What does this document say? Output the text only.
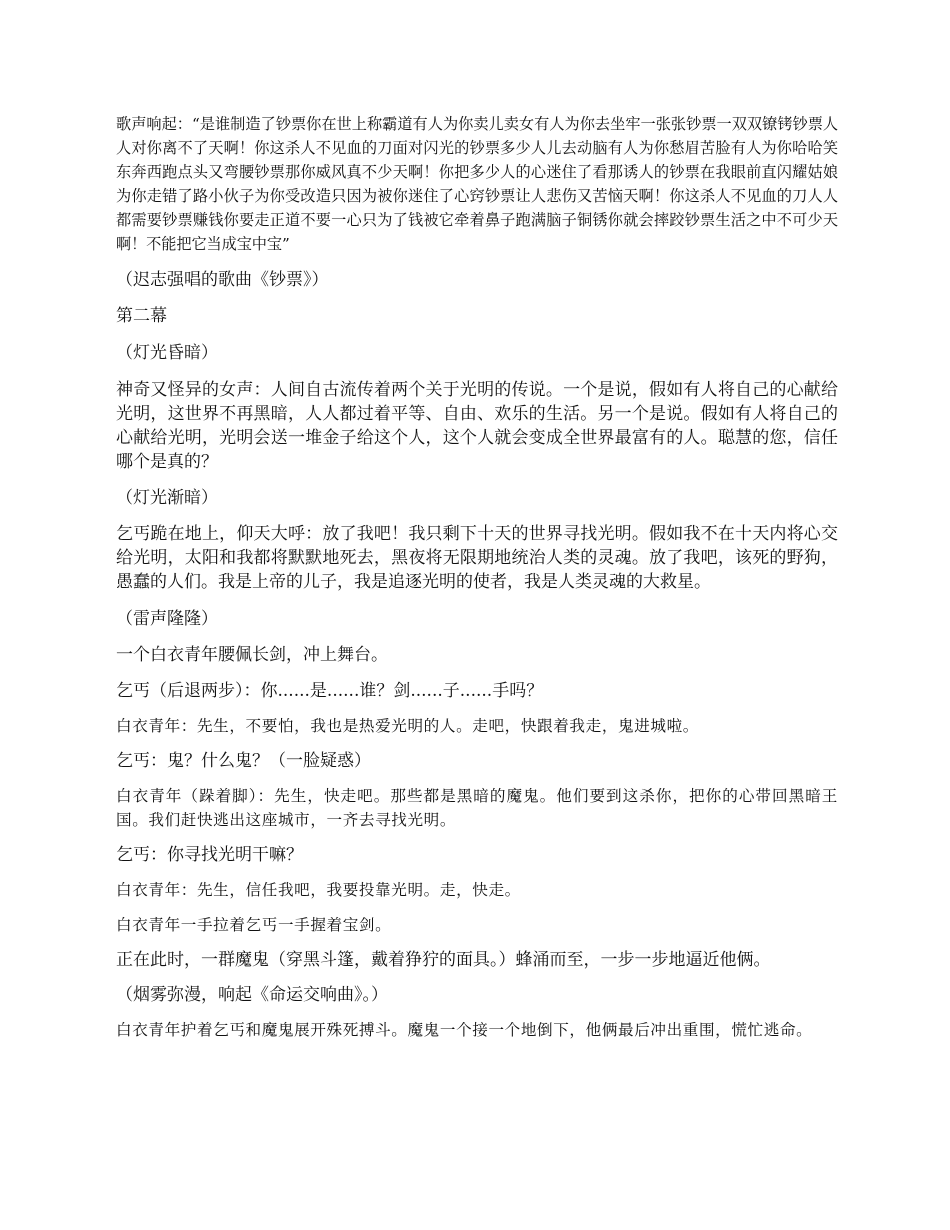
歌声响起：“是谁制造了钞票你在世上称霸道有人为你卖儿卖女有人为你去坐牢一张张钞票一双双镣铐钞票人人对你离不了天啊！你这杀人不见血的刀面对闪光的钞票多少人儿去动脑有人为你愁眉苦脸有人为你哈哈笑东奔西跑点头又弯腰钞票那你威风真不少天啊！你把多少人的心迷住了看那诱人的钞票在我眼前直闪耀姑娘为你走错了路小伙子为你受改造只因为被你迷住了心窍钞票让人悲伤又苦恼天啊！你这杀人不见血的刀人人都需要钞票赚钱你要走正道不要一心只为了钱被它牵着鼻子跑满脑子铜锈你就会摔跤钞票生活之中不可少天啊！不能把它当成宝中宝”

（迟志强唱的歌曲《钞票》）

第二幕

（灯光昏暗）

神奇又怪异的女声：人间自古流传着两个关于光明的传说。一个是说，假如有人将自己的心献给光明，这世界不再黑暗，人人都过着平等、自由、欢乐的生活。另一个是说。假如有人将自己的心献给光明，光明会送一堆金子给这个人，这个人就会变成全世界最富有的人。聪慧的您，信任哪个是真的？

（灯光渐暗）

乞丐跪在地上，仰天大呼：放了我吧！我只剩下十天的世界寻找光明。假如我不在十天内将心交给光明，太阳和我都将默默地死去，黑夜将无限期地统治人类的灵魂。放了我吧，该死的野狗，愚蠢的人们。我是上帝的儿子，我是追逐光明的使者，我是人类灵魂的大救星。

（雷声隆隆）

一个白衣青年腰佩长剑，冲上舞台。

乞丐（后退两步）：你......是......谁？剑......子......手吗？

白衣青年：先生，不要怕，我也是热爱光明的人。走吧，快跟着我走，鬼进城啦。

乞丐：鬼？什么鬼？（一脸疑惑）

白衣青年（跺着脚）：先生，快走吧。那些都是黑暗的魔鬼。他们要到这杀你，把你的心带回黑暗王国。我们赶快逃出这座城市，一齐去寻找光明。

乞丐：你寻找光明干嘛？

白衣青年：先生，信任我吧，我要投靠光明。走，快走。

白衣青年一手拉着乞丐一手握着宝剑。

正在此时，一群魔鬼（穿黑斗篷，戴着狰狞的面具。）蜂涌而至，一步一步地逼近他俩。

（烟雾弥漫，响起《命运交响曲》。）

白衣青年护着乞丐和魔鬼展开殊死搏斗。魔鬼一个接一个地倒下，他俩最后冲出重围，慌忙逃命。
